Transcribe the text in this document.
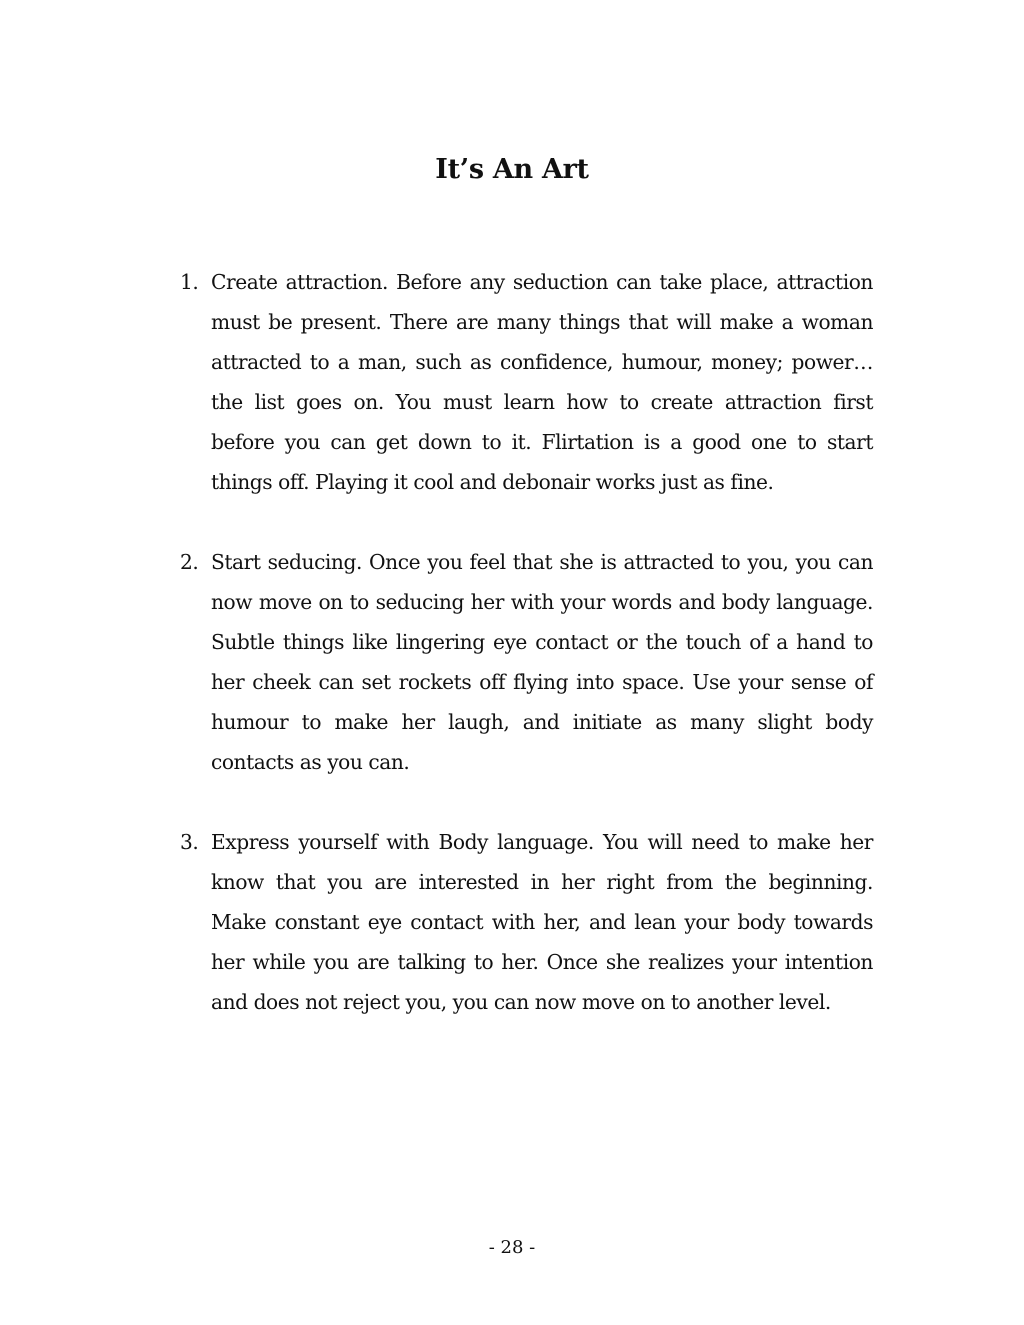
It’s An Art
1. Create attraction. Before any seduction can take place, attraction must be present. There are many things that will make a woman attracted to a man, such as confidence, humour, money; power…the list goes on. You must learn how to create attraction first before you can get down to it. Flirtation is a good one to start things off. Playing it cool and debonair works just as fine.
2. Start seducing. Once you feel that she is attracted to you, you can now move on to seducing her with your words and body language. Subtle things like lingering eye contact or the touch of a hand to her cheek can set rockets off flying into space. Use your sense of humour to make her laugh, and initiate as many slight body contacts as you can.
3. Express yourself with Body language. You will need to make her know that you are interested in her right from the beginning. Make constant eye contact with her, and lean your body towards her while you are talking to her. Once she realizes your intention and does not reject you, you can now move on to another level.
- 28 -
